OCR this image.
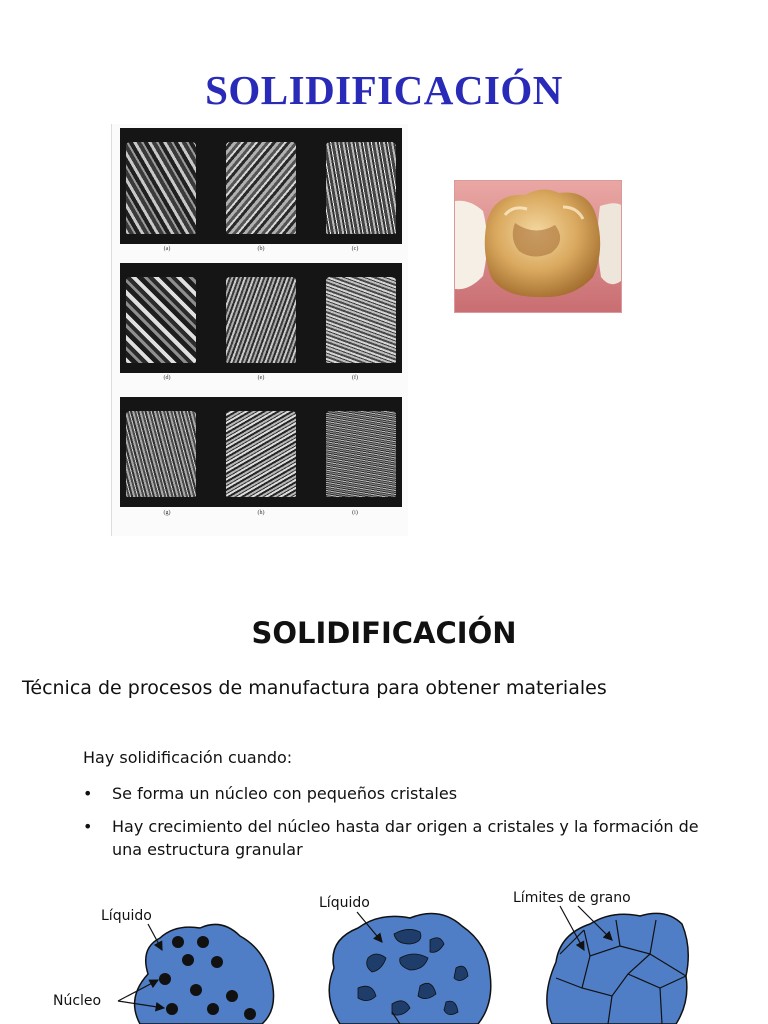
SOLIDIFICACIÓN
(a)	(b)	(c)
(d)	(e)	(f)
(g)	(h)	(i)
SOLIDIFICACIÓN
Técnica de procesos de manufactura para obtener materiales
Hay solidificación cuando:
• Se forma un núcleo con pequeños cristales
• Hay crecimiento del núcleo hasta dar origen a cristales y la formación de una estructura granular
Líquido
Núcleo
Líquido	Límites de grano
